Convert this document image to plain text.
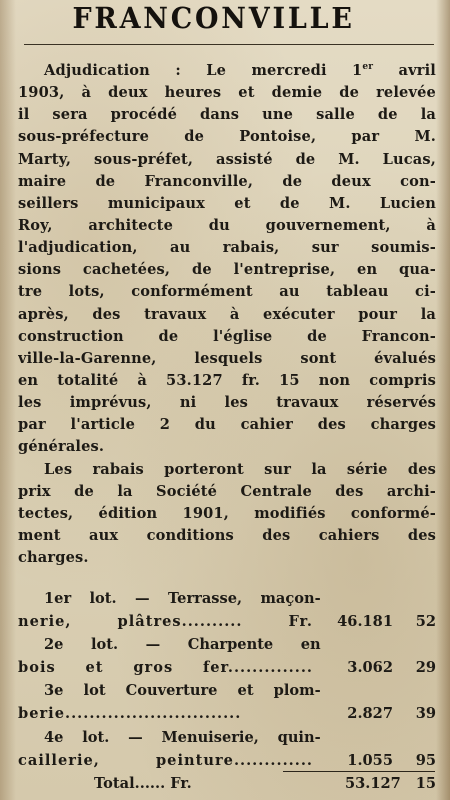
FRANCONVILLE
Adjudication : Le mercredi 1er avril
1903, à deux heures et demie de relevée
il sera procédé dans une salle de la
sous-préfecture de Pontoise, par M.
Marty, sous-préfet, assisté de M. Lucas,
maire de Franconville, de deux con-
seillers municipaux et de M. Lucien
Roy, architecte du gouvernement, à
l'adjudication, au rabais, sur soumis-
sions cachetées, de l'entreprise, en qua-
tre lots, conformément au tableau ci-
après, des travaux à exécuter pour la
construction de l'église de Francon-
ville-la-Garenne, lesquels sont évalués
en totalité à 53.127 fr. 15 non compris
les imprévus, ni les travaux réservés
par l'article 2 du cahier des charges
générales.
Les rabais porteront sur la série des
prix de la Société Centrale des archi-
tectes, édition 1901, modifiés conformé-
ment aux conditions des cahiers des
charges.
1er lot. — Terrasse, maçon-
nerie, plâtres.......... Fr.	46.181	52
2e lot. — Charpente en
bois et gros fer..............	3.062	29
3e lot Couverture et plom-
berie.............................	2.827	39
4e lot. — Menuiserie, quin-
caillerie, peinture.............	1.055	95
Total...... Fr.	53.127	15
